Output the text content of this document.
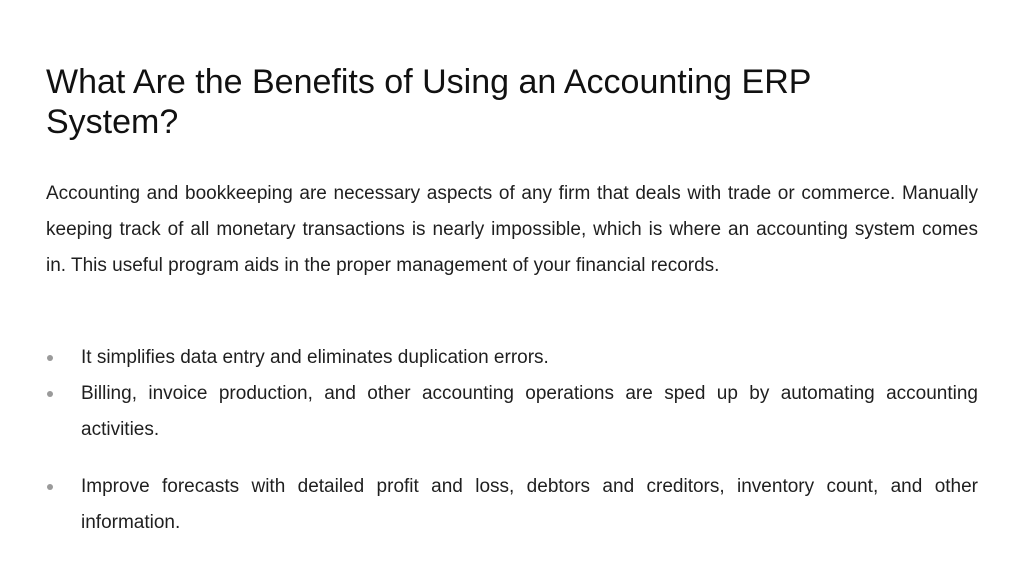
What Are the Benefits of Using an Accounting ERP System?

Accounting and bookkeeping are necessary aspects of any firm that deals with trade or commerce. Manually keeping track of all monetary transactions is nearly impossible, which is where an accounting system comes in. This useful program aids in the proper management of your financial records.

It simplifies data entry and eliminates duplication errors.
Billing, invoice production, and other accounting operations are sped up by automating accounting activities.
Improve forecasts with detailed profit and loss, debtors and creditors, inventory count, and other information.
